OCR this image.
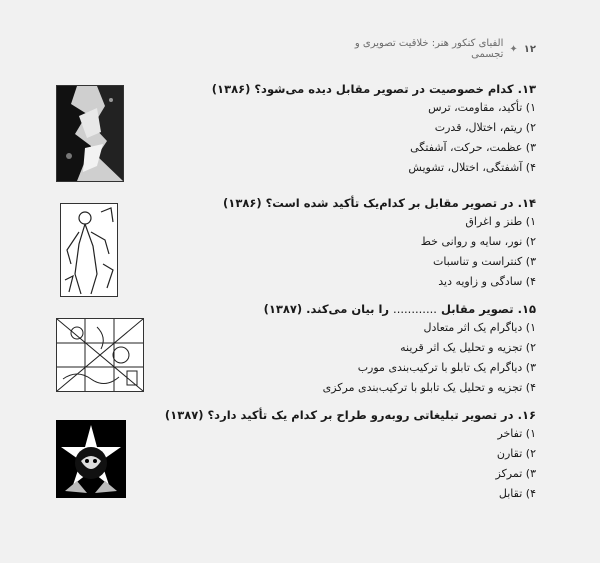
۱۲
✦
الفبای کنکور هنر: خلاقیت تصویری و تجسمی
۱۳. کدام خصوصیت در تصویر مقابل دیده می‌شود؟ (۱۳۸۶)
۱) تأکید، مقاومت، ترس
۲) ریتم، اختلال، قدرت
۳) عظمت، حرکت، آشفتگی
۴) آشفتگی، اختلال، تشویش
۱۴. در تصویر مقابل بر کدام‌یک تأکید شده است؟ (۱۳۸۶)
۱) طنز و اغراق
۲) نور، سایه و روانی خط
۳) کنتراست و تناسبات
۴) سادگی و زاویه دید
۱۵. تصویر مقابل ............ را بیان می‌کند. (۱۳۸۷)
۱) دیاگرام یک اثر متعادل
۲) تجزیه و تحلیل یک اثر قرینه
۳) دیاگرام یک تابلو با ترکیب‌بندی مورب
۴) تجزیه و تحلیل یک تابلو با ترکیب‌بندی مرکزی
۱۶. در تصویر تبلیغاتی روبه‌رو طراح بر کدام یک تأکید دارد؟ (۱۳۸۷)
۱) تفاخر
۲) تقارن
۳) تمرکز
۴) تقابل
